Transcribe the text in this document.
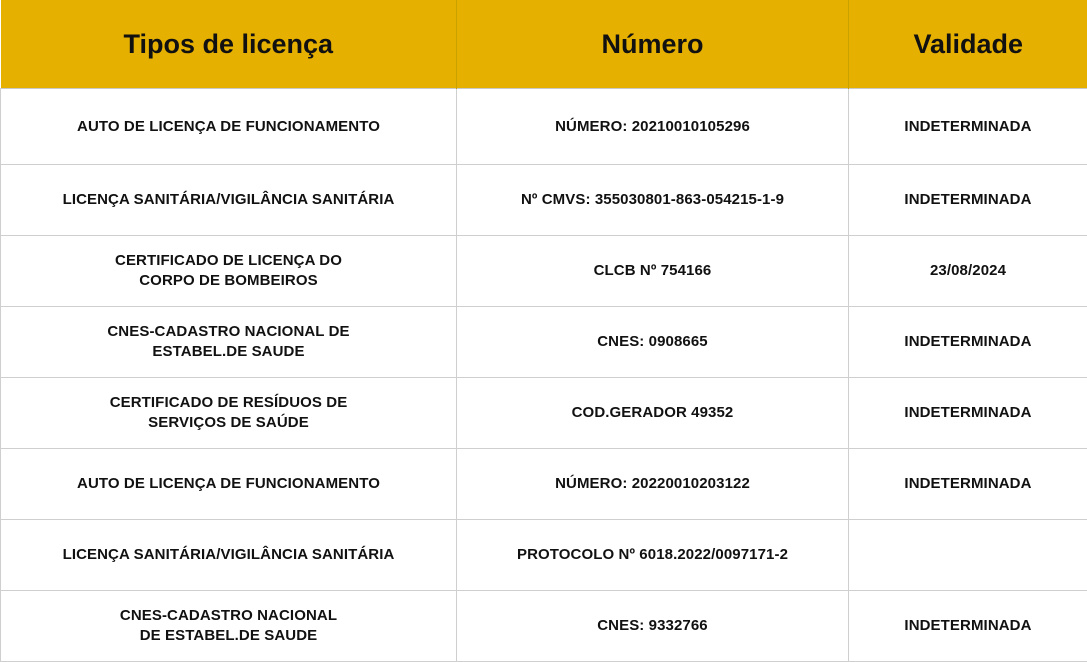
Tipos de licença	Número	Validade
AUTO DE LICENÇA DE FUNCIONAMENTO	NÚMERO: 20210010105296	INDETERMINADA
LICENÇA SANITÁRIA/VIGILÂNCIA SANITÁRIA	Nº CMVS: 355030801-863-054215-1-9	INDETERMINADA
CERTIFICADO DE LICENÇA DO
CORPO DE BOMBEIROS	CLCB Nº 754166	23/08/2024
CNES-CADASTRO NACIONAL DE
ESTABEL.DE SAUDE	CNES: 0908665	INDETERMINADA
CERTIFICADO DE RESÍDUOS DE
SERVIÇOS DE SAÚDE	COD.GERADOR 49352	INDETERMINADA
AUTO DE LICENÇA DE FUNCIONAMENTO	NÚMERO: 20220010203122	INDETERMINADA
LICENÇA SANITÁRIA/VIGILÂNCIA SANITÁRIA	PROTOCOLO Nº 6018.2022/0097171-2	
CNES-CADASTRO NACIONAL
DE ESTABEL.DE SAUDE	CNES: 9332766	INDETERMINADA
